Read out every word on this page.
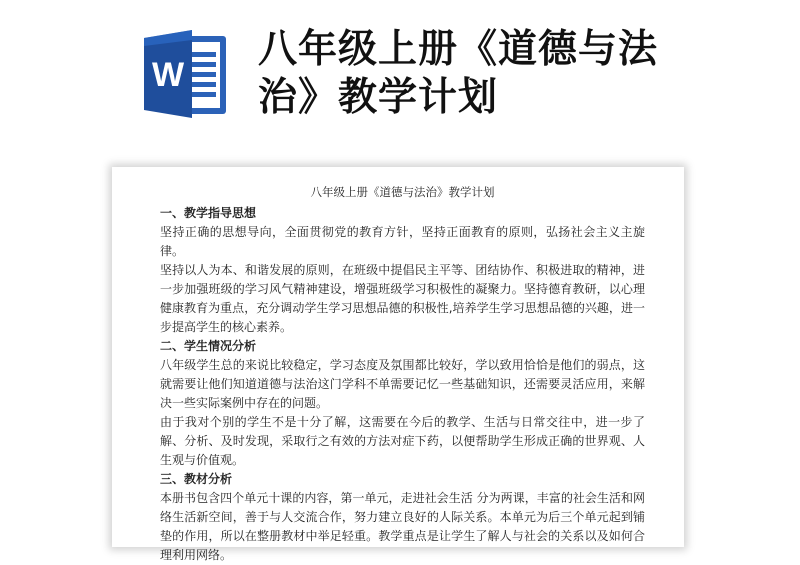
W
八年级上册《道德与法治》教学计划
八年级上册《道德与法治》教学计划
一、教学指导思想
坚持正确的思想导向，全面贯彻党的教育方针，坚持正面教育的原则，弘扬社会主义主旋律。
坚持以人为本、和谐发展的原则，在班级中提倡民主平等、团结协作、积极进取的精神，进一步加强班级的学习风气精神建设，增强班级学习积极性的凝聚力。坚持德育教研，以心理健康教育为重点，充分调动学生学习思想品德的积极性,培养学生学习思想品德的兴趣，进一步提高学生的核心素养。
二、学生情况分析
八年级学生总的来说比较稳定，学习态度及氛围都比较好，学以致用恰恰是他们的弱点，这就需要让他们知道道德与法治这门学科不单需要记忆一些基础知识，还需要灵活应用，来解决一些实际案例中存在的问题。
由于我对个别的学生不是十分了解，这需要在今后的教学、生活与日常交往中，进一步了解、分析、及时发现，采取行之有效的方法对症下药，以便帮助学生形成正确的世界观、人生观与价值观。
三、教材分析
本册书包含四个单元十课的内容，第一单元，走进社会生活 分为两课，丰富的社会生活和网络生活新空间，善于与人交流合作，努力建立良好的人际关系。本单元为后三个单元起到铺垫的作用，所以在整册教材中举足轻重。教学重点是让学生了解人与社会的关系以及如何合理利用网络。
